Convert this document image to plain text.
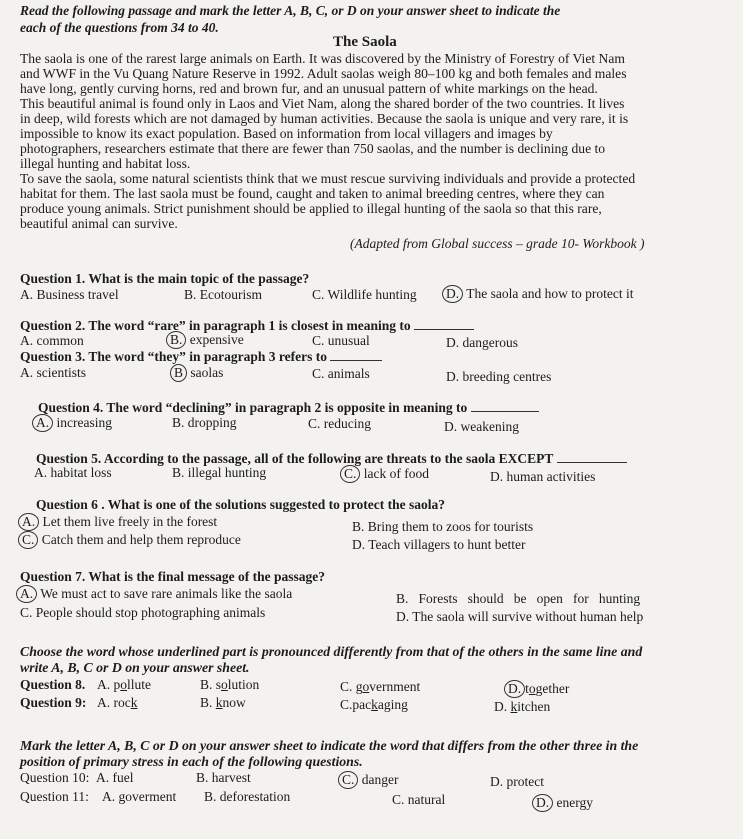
Read the following passage and mark the letter A, B, C, or D on your answer sheet to indicate the
each of the questions from 34 to 40.
The Saola
The saola is one of the rarest large animals on Earth. It was discovered by the Ministry of Forestry of Viet Nam
and WWF in the Vu Quang Nature Reserve in 1992. Adult saolas weigh 80–100 kg and both females and males
have long, gently curving horns, red and brown fur, and an unusual pattern of white markings on the head.
This beautiful animal is found only in Laos and Viet Nam, along the shared border of the two countries. It lives
in deep, wild forests which are not damaged by human activities. Because the saola is unique and very rare, it is
impossible to know its exact population. Based on information from local villagers and images by
photographers, researchers estimate that there are fewer than 750 saolas, and the number is declining due to
illegal hunting and habitat loss.
To save the saola, some natural scientists think that we must rescue surviving individuals and provide a protected
habitat for them. The last saola must be found, caught and taken to animal breeding centres, where they can
produce young animals. Strict punishment should be applied to illegal hunting of the saola so that this rare,
beautiful animal can survive.
(Adapted from Global success – grade 10- Workbook )
Question 1. What is the main topic of the passage?
A. Business travel	B. Ecotourism	C. Wildlife hunting D. The saola and how to protect it
Question 2. The word “rare” in paragraph 1 is closest in meaning to
A. common	B. expensive	C. unusual	D. dangerous
Question 3. The word “they” in paragraph 3 refers to
A. scientists	B saolas	C. animals	D. breeding centres
Question 4. The word “declining” in paragraph 2 is opposite in meaning to
A. increasing	B. dropping	C. reducing	D. weakening
Question 5. According to the passage, all of the following are threats to the saola EXCEPT
A. habitat loss	B. illegal hunting	C. lack of food	D. human activities
Question 6 . What is one of the solutions suggested to protect the saola?
A. Let them live freely in the forest	B. Bring them to zoos for tourists
C. Catch them and help them reproduce	D. Teach villagers to hunt better
Question 7. What is the final message of the passage?
A. We must act to save rare animals like the saola	B.   Forests   should   be   open   for   hunting
C. People should stop photographing animals	D. The saola will survive without human help
Choose the word whose underlined part is pronounced differently from that of the others in the same line and
write A, B, C or D on your answer sheet.
Question 8. A. pollute	B. solution	C. government	D. together
Question 9: A. rock	B. know	C.packaging	D. kitchen
Mark the letter A, B, C or D on your answer sheet to indicate the word that differs from the other three in the
position of primary stress in each of the following questions.
Question 10: A. fuel	B. harvest	C. danger	D. protect
Question 11: A. goverment B. deforestation	C. natural	D. energy
